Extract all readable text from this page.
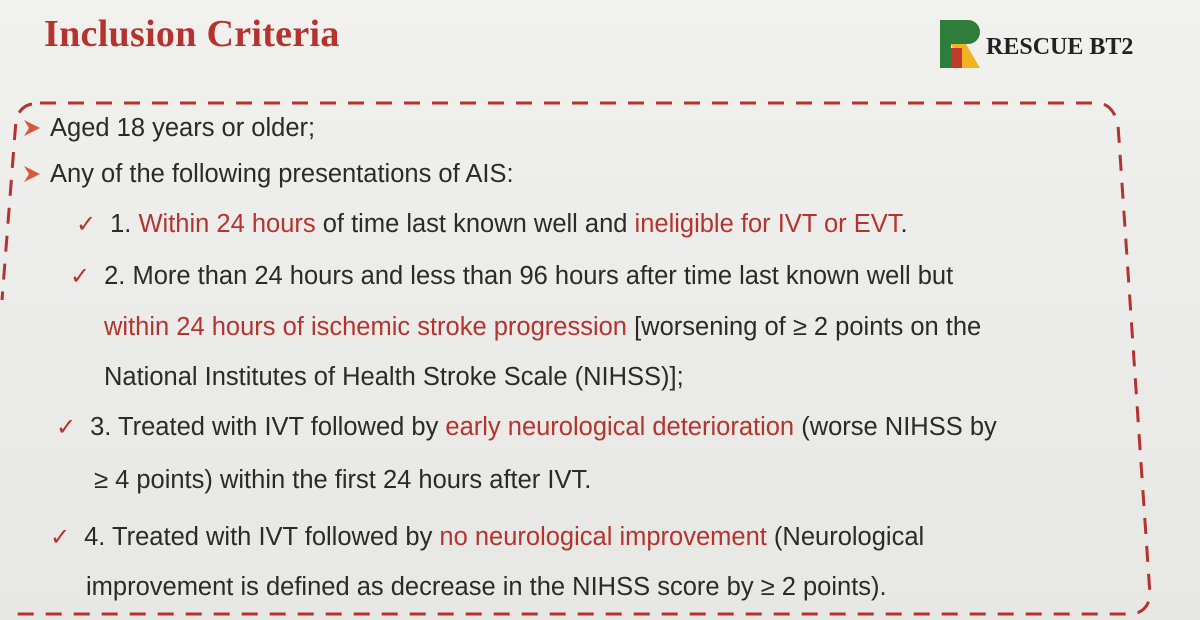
Inclusion Criteria	RESCUE BT2
Aged 18 years or older;
Any of the following presentations of AIS:
✓ 1. Within 24 hours of time last known well and ineligible for IVT or EVT.
✓ 2. More than 24 hours and less than 96 hours after time last known well but
within 24 hours of ischemic stroke progression [worsening of ≥ 2 points on the
National Institutes of Health Stroke Scale (NIHSS)];
✓ 3. Treated with IVT followed by early neurological deterioration (worse NIHSS by
≥ 4 points) within the first 24 hours after IVT.
✓ 4. Treated with IVT followed by no neurological improvement (Neurological
improvement is defined as decrease in the NIHSS score by ≥ 2 points).
